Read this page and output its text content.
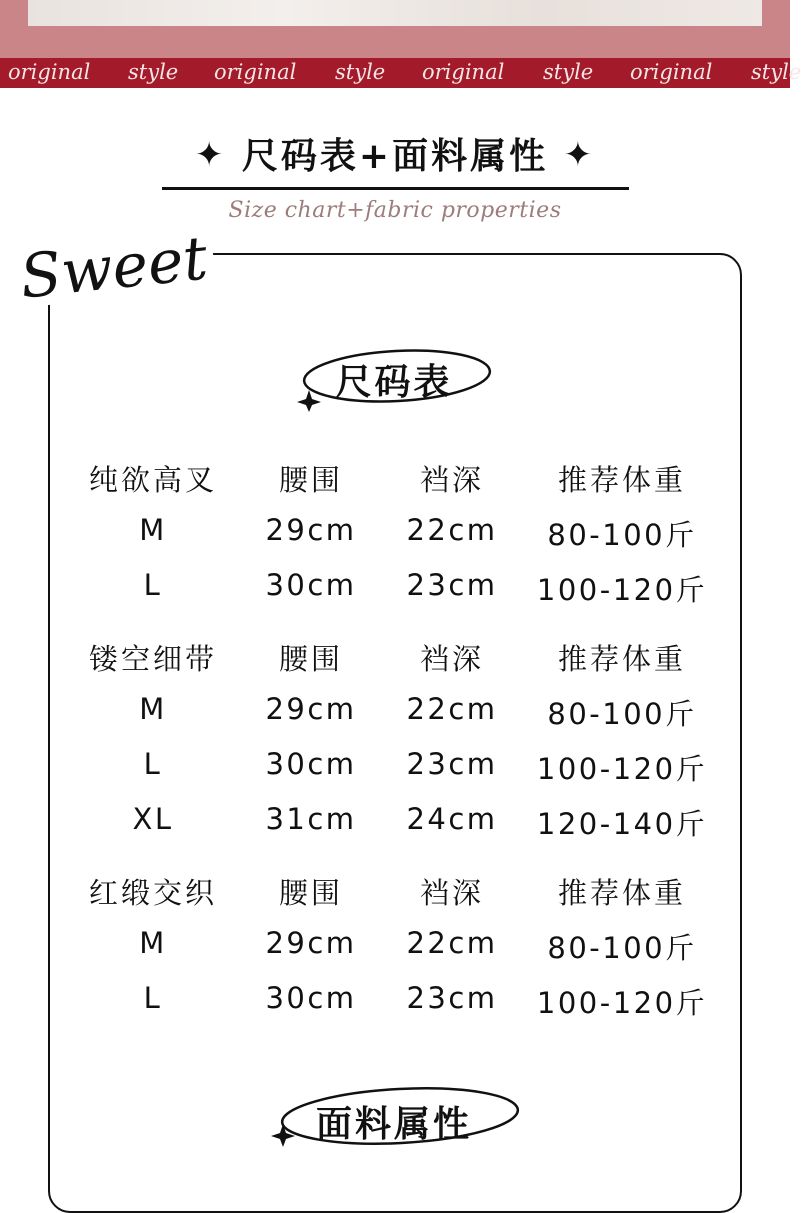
original style original style original style original style
✦ 尺码表+面料属性 ✦
Size chart+fabric properties
Sweet
尺码表
纯欲高叉	腰围	裆深	推荐体重
M	29cm	22cm	80-100斤
L	30cm	23cm	100-120斤
镂空细带	腰围	裆深	推荐体重
M	29cm	22cm	80-100斤
L	30cm	23cm	100-120斤
XL	31cm	24cm	120-140斤
红缎交织	腰围	裆深	推荐体重
M	29cm	22cm	80-100斤
L	30cm	23cm	100-120斤
面料属性
